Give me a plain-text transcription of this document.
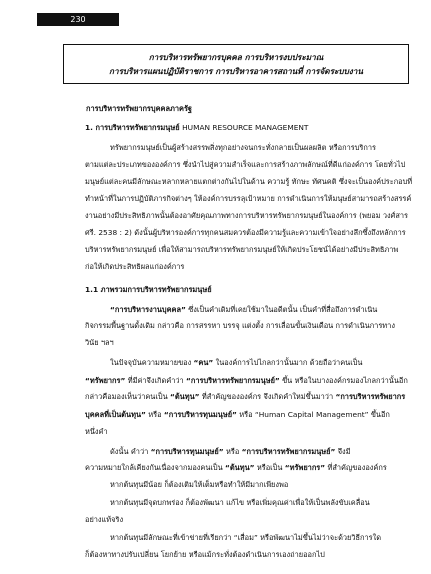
230
การบริหารทรัพยากรบุคคล การบริหารงบประมาณ
การบริหารแผนปฏิบัติราชการ การบริหารอาคารสถานที่ การจัดระบบงาน
การบริหารทรัพยากรบุคคลภาครัฐ
1. การบริหารทรัพยากรมนุษย์ HUMAN RESOURCE MANAGEMENT
ทรัพยากรมนุษย์เป็นผู้สร้างสรรพสิ่งทุกอย่างจนกระทั่งกลายเป็นผลผลิต หรือการบริการ
ตามแต่ละประเภทขององค์การ ซึ่งนำไปสู่ความสำเร็จและการสร้างภาพลักษณ์ที่ดีแก่องค์การ โดยทั่วไป
มนุษย์แต่ละคนมีลักษณะหลากหลายแตกต่างกันไปในด้าน ความรู้ ทักษะ ทัศนคติ ซึ่งจะเป็นองค์ประกอบที่
ทำหน้าที่ในการปฏิบัติภารกิจต่างๆ ให้องค์การบรรลุเป้าหมาย การดำเนินการให้มนุษย์สามารถสร้างสรรค์
งานอย่างมีประสิทธิภาพนั้นต้องอาศัยคุณภาพทางการบริหารทรัพยากรมนุษย์ในองค์การ (พยอม วงศ์สาร
ศรี. 2538 : 2) ดังนั้นผู้บริหารองค์การทุกคนสมควรต้องมีความรู้และความเข้าใจอย่างลึกซึ้งถึงหลักการ
บริหารทรัพยากรมนุษย์ เพื่อให้สามารถบริหารทรัพยากรมนุษย์ให้เกิดประโยชน์ได้อย่างมีประสิทธิภาพ
ก่อให้เกิดประสิทธิผลแก่องค์การ
1.1 ภาพรวมการบริหารทรัพยากรมนุษย์
“การบริหารงานบุคคล” ซึ่งเป็นคำเดิมที่เคยใช้มาในอดีตนั้น เป็นคำที่สื่อถึงการดำเนิน
กิจกรรมพื้นฐานดั้งเดิม กล่าวคือ การสรรหา บรรจุ แต่งตั้ง การเลื่อนขั้นเงินเดือน การดำเนินการทาง
วินัย ฯลฯ
ในปัจจุบันความหมายของ “คน” ในองค์การไปไกลกว่านั้นมาก ด้วยถือว่าคนเป็น
“ทรัพยากร” ที่มีค่าจึงเกิดคำว่า “การบริหารทรัพยากรมนุษย์” ขึ้น หรือในบางองค์กรมองไกลกว่านั้นอีก
กล่าวคือมองเห็นว่าคนเป็น “ต้นทุน” ที่สำคัญขององค์กร จึงเกิดคำใหม่ขึ้นมาว่า “การบริหารทรัพยากร
บุคคลที่เป็นต้นทุน” หรือ “การบริหารทุนมนุษย์” หรือ “Human Capital Management” ขึ้นอีก
หนึ่งคำ
ดังนั้น คำว่า “การบริหารทุนมนุษย์” หรือ “การบริหารทรัพยากรมนุษย์” จึงมี
ความหมายใกล้เคียงกันเนื่องจากมองคนเป็น “ต้นทุน” หรือเป็น “ทรัพยากร” ที่สำคัญขององค์กร
หากต้นทุนมีน้อย ก็ต้องเติมให้เต็มหรือทำให้มีมากเพียงพอ
หากต้นทุนมีจุดบกพร่อง ก็ต้องพัฒนา แก้ไข หรือเพิ่มคุณค่าเพื่อให้เป็นพลังขับเคลื่อน
อย่างแท้จริง
หากต้นทุนมีลักษณะที่เข้าข่ายที่เรียกว่า “เสื่อม” หรือพัฒนาไม่ขึ้นไม่ว่าจะด้วยวิธีการใด
ก็ต้องหาทางปรับเปลี่ยน โยกย้าย หรือแม้กระทั่งต้องดำเนินการเองถ่ายออกไป
